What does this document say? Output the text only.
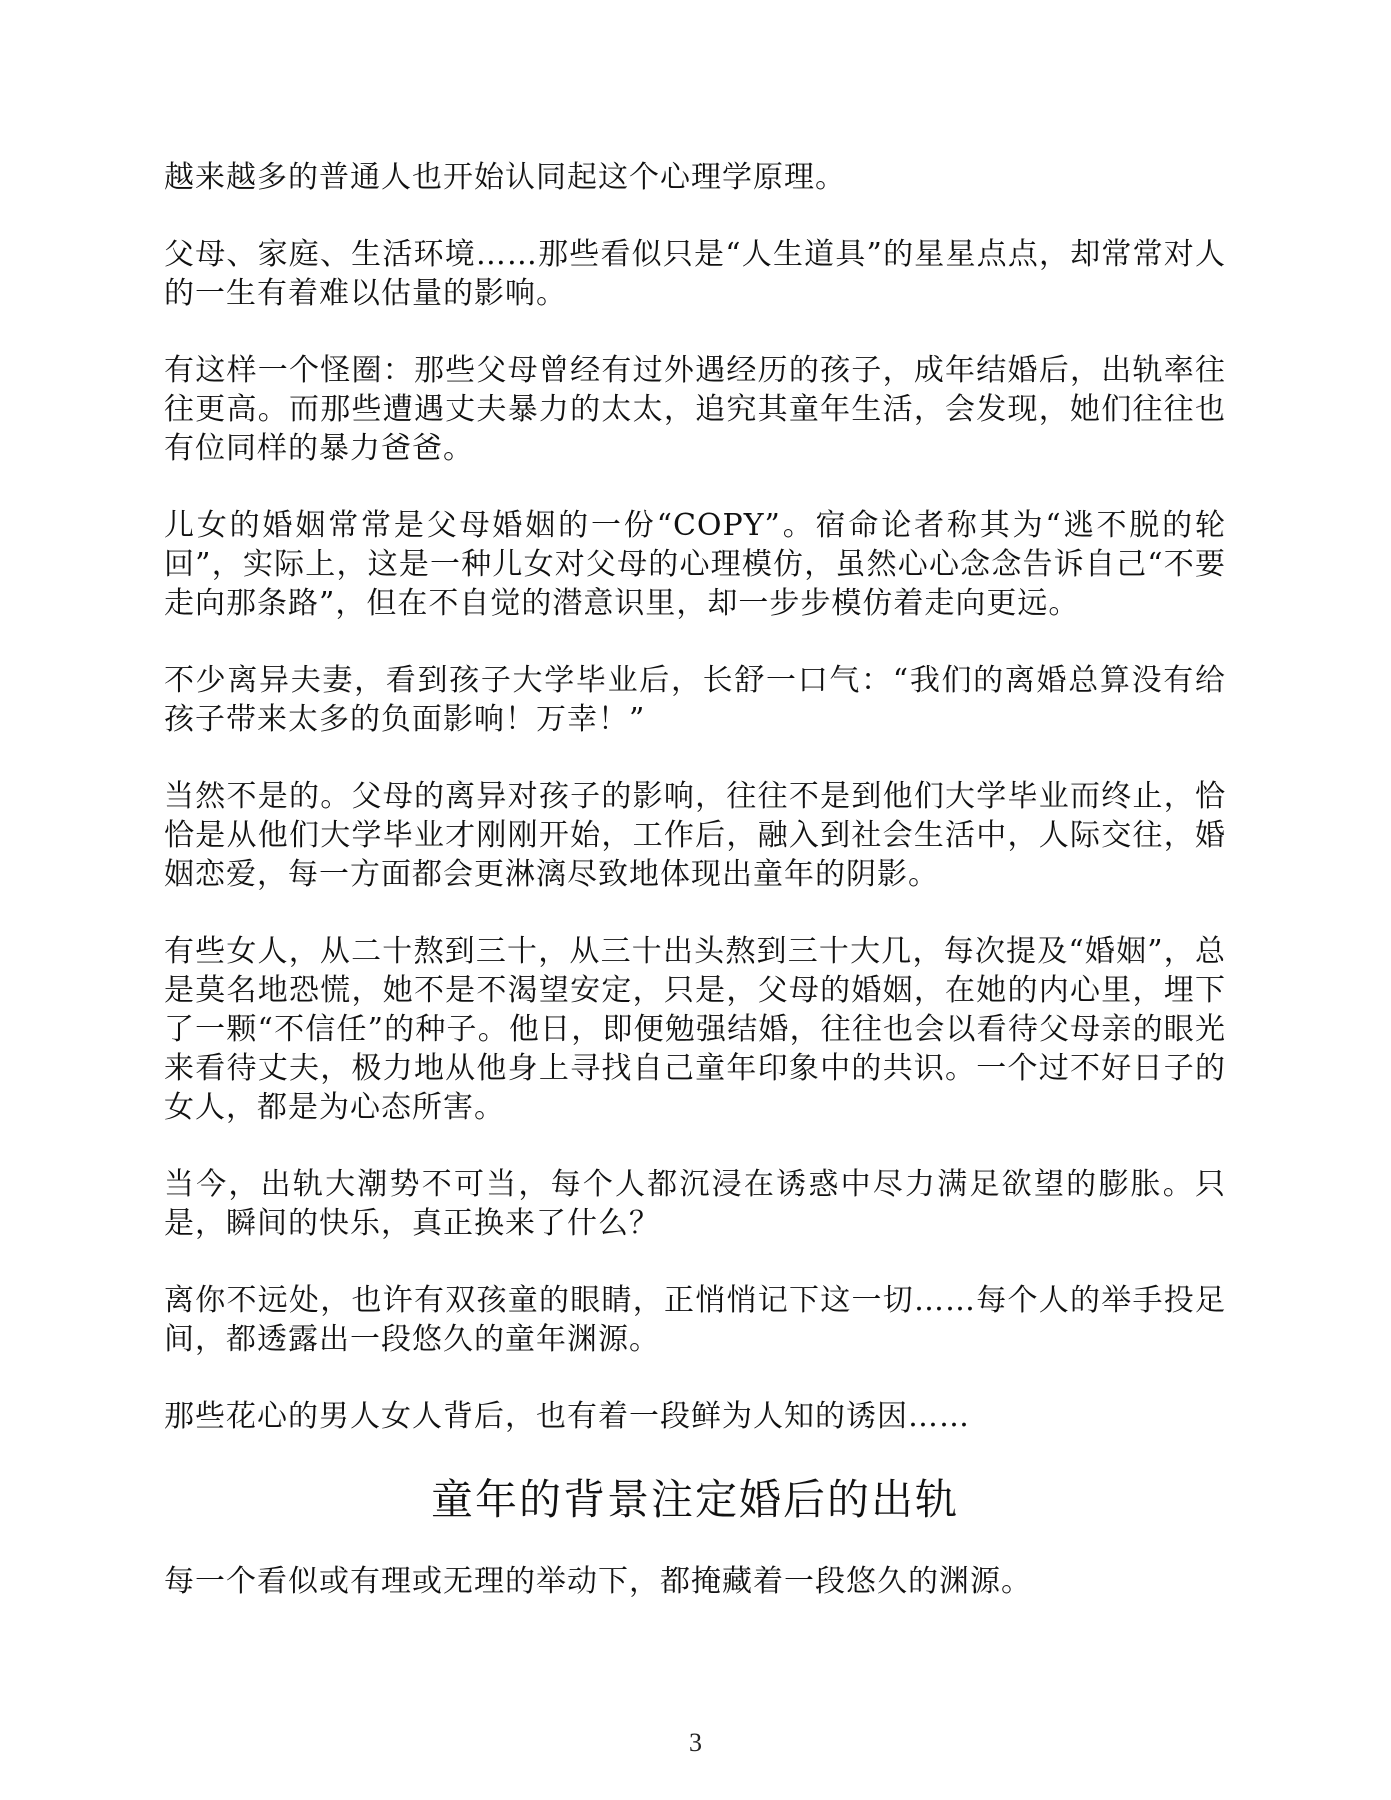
越来越多的普通人也开始认同起这个心理学原理。

父母、家庭、生活环境……那些看似只是“人生道具”的星星点点，却常常对人的一生有着难以估量的影响。

有这样一个怪圈：那些父母曾经有过外遇经历的孩子，成年结婚后，出轨率往往更高。而那些遭遇丈夫暴力的太太，追究其童年生活，会发现，她们往往也有位同样的暴力爸爸。

儿女的婚姻常常是父母婚姻的一份“COPY”。宿命论者称其为“逃不脱的轮回”，实际上，这是一种儿女对父母的心理模仿，虽然心心念念告诉自己“不要走向那条路”，但在不自觉的潜意识里，却一步步模仿着走向更远。

不少离异夫妻，看到孩子大学毕业后，长舒一口气：“我们的离婚总算没有给孩子带来太多的负面影响！万幸！”

当然不是的。父母的离异对孩子的影响，往往不是到他们大学毕业而终止，恰恰是从他们大学毕业才刚刚开始，工作后，融入到社会生活中，人际交往，婚姻恋爱，每一方面都会更淋漓尽致地体现出童年的阴影。

有些女人，从二十熬到三十，从三十出头熬到三十大几，每次提及“婚姻”，总是莫名地恐慌，她不是不渴望安定，只是，父母的婚姻，在她的内心里，埋下了一颗“不信任”的种子。他日，即便勉强结婚，往往也会以看待父母亲的眼光来看待丈夫，极力地从他身上寻找自己童年印象中的共识。一个过不好日子的女人，都是为心态所害。

当今，出轨大潮势不可当，每个人都沉浸在诱惑中尽力满足欲望的膨胀。只是，瞬间的快乐，真正换来了什么？

离你不远处，也许有双孩童的眼睛，正悄悄记下这一切……每个人的举手投足间，都透露出一段悠久的童年渊源。

那些花心的男人女人背后，也有着一段鲜为人知的诱因……

童年的背景注定婚后的出轨

每一个看似或有理或无理的举动下，都掩藏着一段悠久的渊源。

3
